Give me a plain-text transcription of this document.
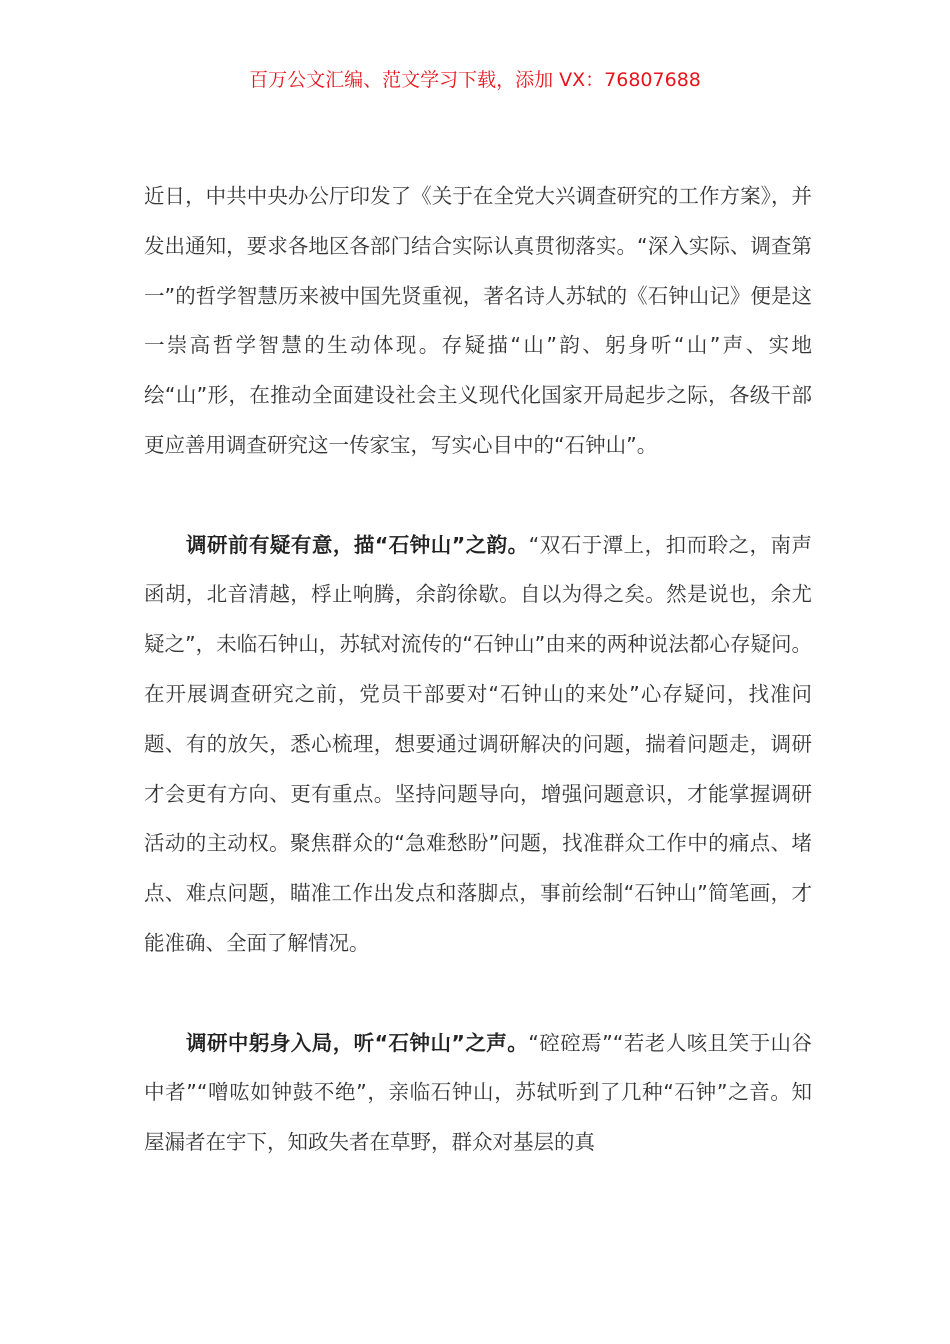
百万公文汇编、范文学习下载，添加 VX：76807688

近日，中共中央办公厅印发了《关于在全党大兴调查研究的工作方案》，并发出通知，要求各地区各部门结合实际认真贯彻落实。“深入实际、调查第一”的哲学智慧历来被中国先贤重视，著名诗人苏轼的《石钟山记》便是这一崇高哲学智慧的生动体现。存疑描“山”韵、躬身听“山”声、实地绘“山”形，在推动全面建设社会主义现代化国家开局起步之际，各级干部更应善用调查研究这一传家宝，写实心目中的“石钟山”。

调研前有疑有意，描“石钟山”之韵。“双石于潭上，扣而聆之，南声函胡，北音清越，桴止响腾，余韵徐歇。自以为得之矣。然是说也，余尤疑之”，未临石钟山，苏轼对流传的“石钟山”由来的两种说法都心存疑问。在开展调查研究之前，党员干部要对“石钟山的来处”心存疑问，找准问题、有的放矢，悉心梳理，想要通过调研解决的问题，揣着问题走，调研才会更有方向、更有重点。坚持问题导向，增强问题意识，才能掌握调研活动的主动权。聚焦群众的“急难愁盼”问题，找准群众工作中的痛点、堵点、难点问题，瞄准工作出发点和落脚点，事前绘制“石钟山”简笔画，才能准确、全面了解情况。

调研中躬身入局，听“石钟山”之声。“硿硿焉”“若老人咳且笑于山谷中者”“噌吰如钟鼓不绝”，亲临石钟山，苏轼听到了几种“石钟”之音。知屋漏者在宇下，知政失者在草野，群众对基层的真
